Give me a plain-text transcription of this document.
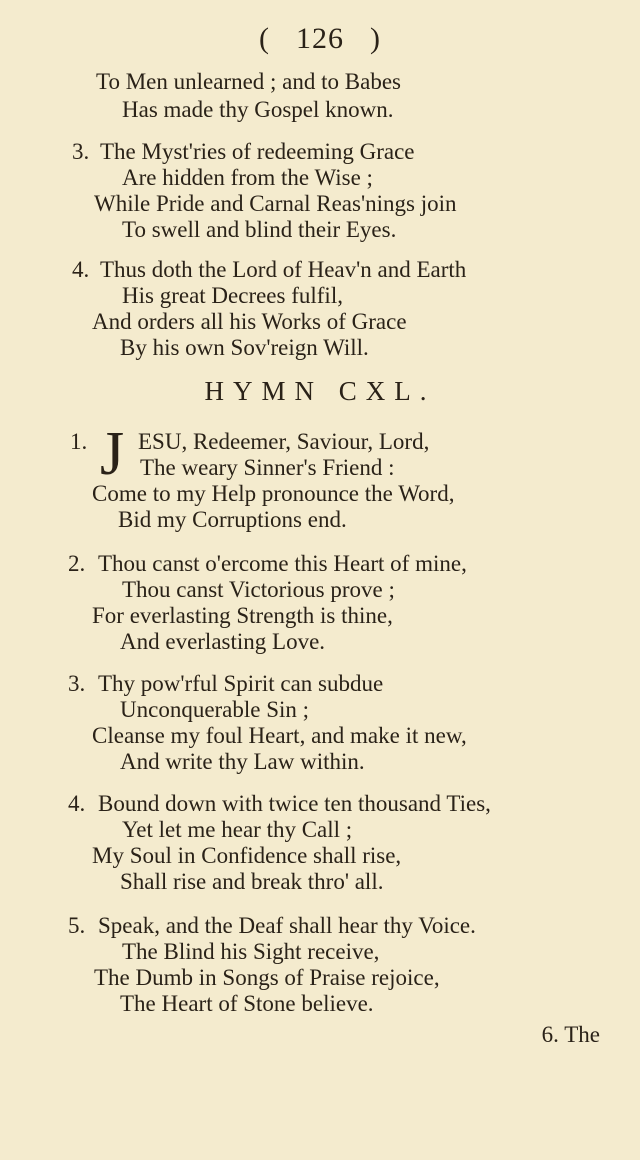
( 126 )
To Men unlearned ; and to Babes
Has made thy Gospel known.
3. The Myst'ries of redeeming Grace
Are hidden from the Wise ;
While Pride and Carnal Reas'nings join
To swell and blind their Eyes.
4. Thus doth the Lord of Heav'n and Earth
His great Decrees fulfil,
And orders all his Works of Grace
By his own Sov'reign Will.
HYMN CXL.
1. J ESU, Redeemer, Saviour, Lord,
The weary Sinner's Friend :
Come to my Help pronounce the Word,
Bid my Corruptions end.
2. Thou canst o'ercome this Heart of mine,
Thou canst Victorious prove ;
For everlasting Strength is thine,
And everlasting Love.
3. Thy pow'rful Spirit can subdue
Unconquerable Sin ;
Cleanse my foul Heart, and make it new,
And write thy Law within.
4. Bound down with twice ten thousand Ties,
Yet let me hear thy Call ;
My Soul in Confidence shall rise,
Shall rise and break thro' all.
5. Speak, and the Deaf shall hear thy Voice.
The Blind his Sight receive,
The Dumb in Songs of Praise rejoice,
The Heart of Stone believe.
6. The
